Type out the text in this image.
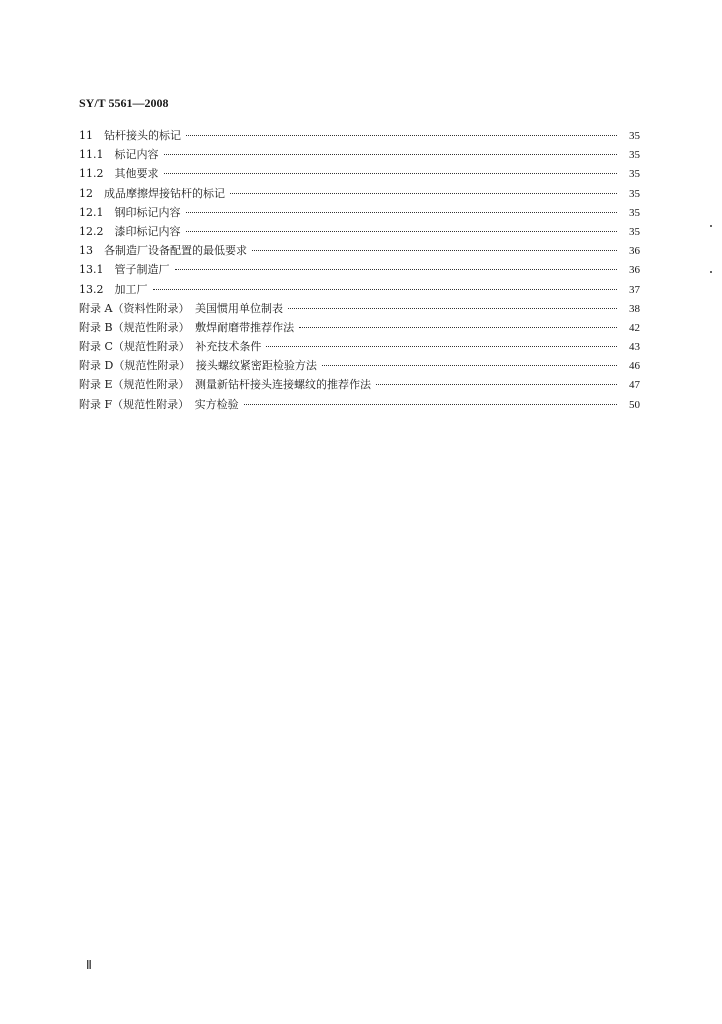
SY/T 5561—2008
11　钻杆接头的标记	35
11.1　标记内容	35
11.2　其他要求	35
12　成品摩擦焊接钻杆的标记	35
12.1　钢印标记内容	35
12.2　漆印标记内容	35
13　各制造厂设备配置的最低要求	36
13.1　管子制造厂	36
13.2　加工厂	37
附录 A（资料性附录）　美国惯用单位制表	38
附录 B（规范性附录）　敷焊耐磨带推荐作法	42
附录 C（规范性附录）　补充技术条件	43
附录 D（规范性附录）　接头螺纹紧密距检验方法	46
附录 E（规范性附录）　测量新钻杆接头连接螺纹的推荐作法	47
附录 F（规范性附录）　实方检验	50
Ⅱ
